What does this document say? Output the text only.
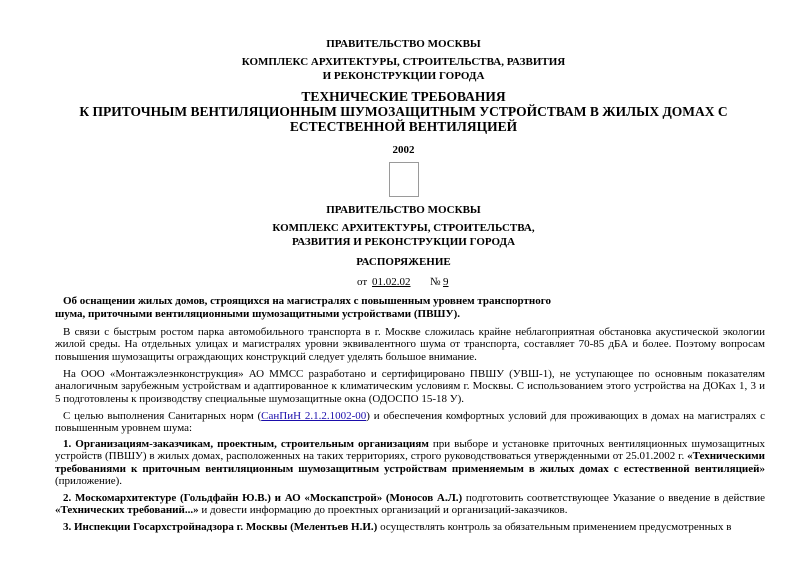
ПРАВИТЕЛЬСТВО МОСКВЫ
КОМПЛЕКС АРХИТЕКТУРЫ, СТРОИТЕЛЬСТВА, РАЗВИТИЯ
И РЕКОНСТРУКЦИИ ГОРОДА
ТЕХНИЧЕСКИЕ ТРЕБОВАНИЯ
К ПРИТОЧНЫМ ВЕНТИЛЯЦИОННЫМ ШУМОЗАЩИТНЫМ УСТРОЙСТВАМ В ЖИЛЫХ ДОМАХ С
ЕСТЕСТВЕННОЙ ВЕНТИЛЯЦИЕЙ
2002
ПРАВИТЕЛЬСТВО МОСКВЫ
КОМПЛЕКС АРХИТЕКТУРЫ, СТРОИТЕЛЬСТВА,
РАЗВИТИЯ И РЕКОНСТРУКЦИИ ГОРОДА
РАСПОРЯЖЕНИЕ
от 01.02.02 № 9
Об оснащении жилых домов, строящихся на магистралях с повышенным уровнем транспортного
шума, приточными вентиляционными шумозащитными устройствами (ПВШУ).

В связи с быстрым ростом парка автомобильного транспорта в г. Москве сложилась крайне неблагоприятная обстановка акустической экологии жилой среды. На отдельных улицах и магистралях уровни эквивалентного шума от транспорта, составляет 70-85 дБА и более. Поэтому вопросам повышения шумозащиты ограждающих конструкций следует уделять большое внимание.

На ООО «Монтажэлеэнконструкция» АО ММСС разработано и сертифицировано ПВШУ (УВШ-1), не уступающее по основным показателям аналогичным зарубежным устройствам и адаптированное к климатическим условиям г. Москвы. С использованием этого устройства на ДОКах 1, 3 и 5 подготовлены к производству специальные шумозащитные окна (ОДОСПО 15-18 У).

С целью выполнения Санитарных норм (СанПиН 2.1.2.1002-00) и обеспечения комфортных условий для проживающих в домах на магистралях с повышенным уровнем шума:

1. Организациям-заказчикам, проектным, строительным организациям при выборе и установке приточных вентиляционных шумозащитных устройств (ПВШУ) в жилых домах, расположенных на таких территориях, строго руководствоваться утвержденными от 25.01.2002 г. «Техническими требованиями к приточным вентиляционным шумозащитным устройствам применяемым в жилых домах с естественной вентиляцией» (приложение).

2. Москомархитектуре (Гольдфайн Ю.В.) и АО «Москапстрой» (Моносов А.Л.) подготовить соответствующее Указание о введение в действие «Технических требований...» и довести информацию до проектных организаций и организаций-заказчиков.

3. Инспекции Госархстройнадзора г. Москвы (Мелентьев Н.И.) осуществлять контроль за обязательным применением предусмотренных в
